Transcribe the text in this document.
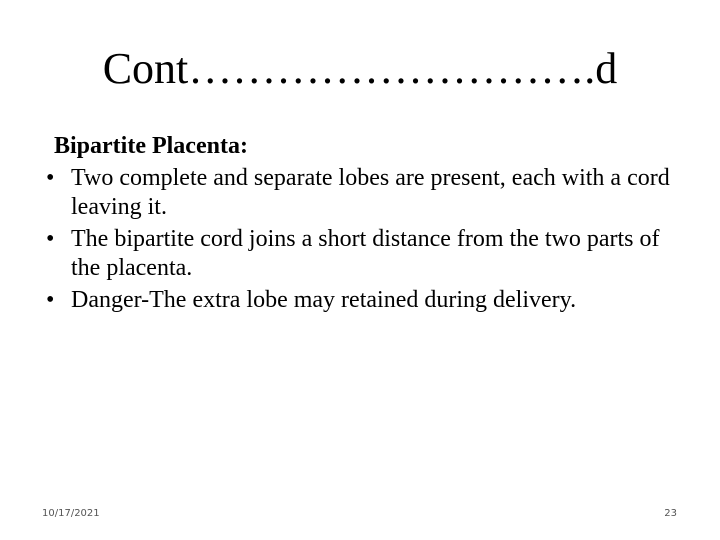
Cont……………………….d
Bipartite Placenta:
• Two complete and separate lobes are present, each with a cord leaving it.
• The bipartite cord joins a short distance from the two parts of the placenta.
• Danger-The extra lobe may retained during delivery.
10/17/2021	23
